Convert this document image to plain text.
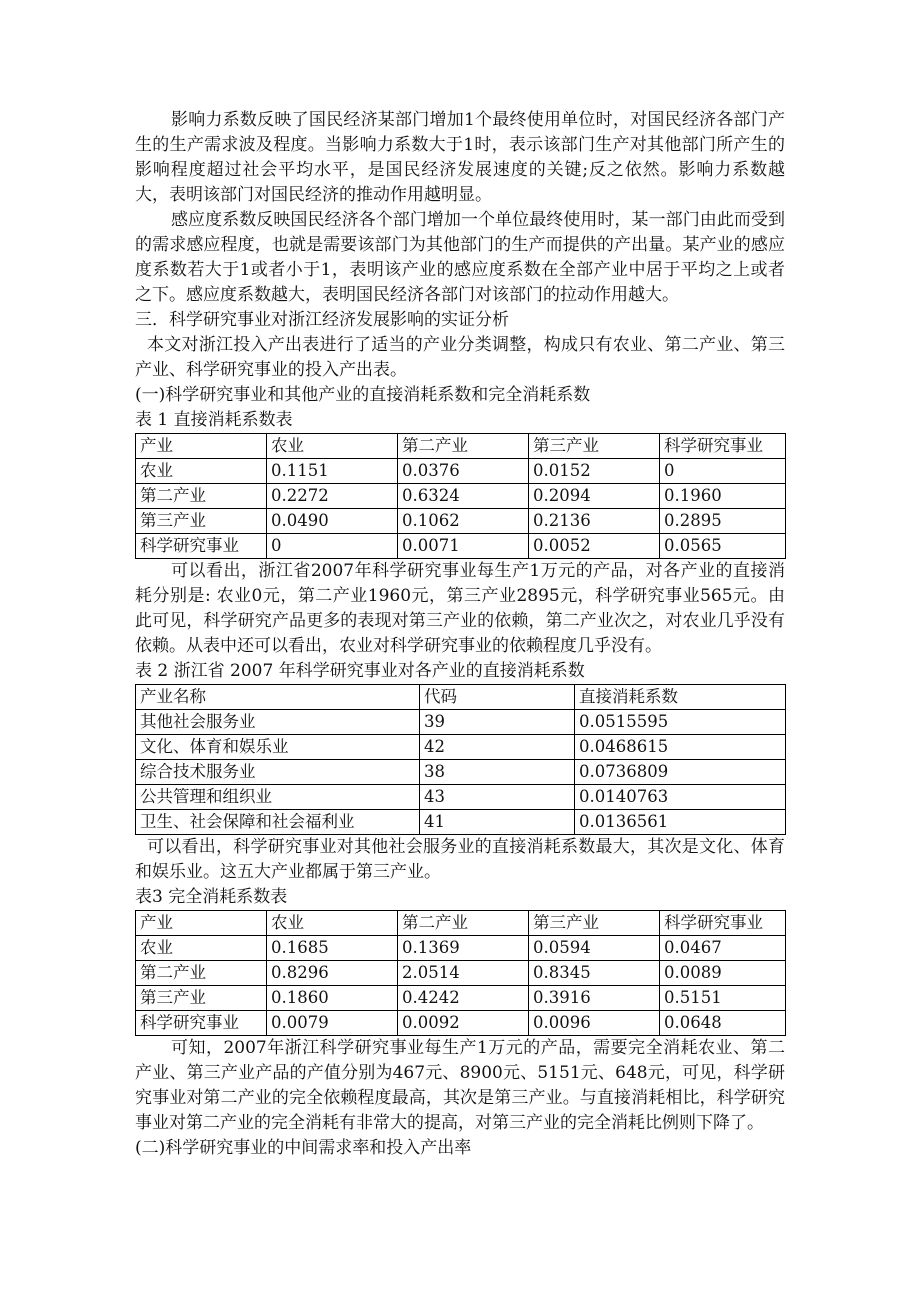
影响力系数反映了国民经济某部门增加1个最终使用单位时，对国民经济各部门产生的生产需求波及程度。当影响力系数大于1时，表示该部门生产对其他部门所产生的影响程度超过社会平均水平，是国民经济发展速度的关键;反之依然。影响力系数越大，表明该部门对国民经济的推动作用越明显。

感应度系数反映国民经济各个部门增加一个单位最终使用时，某一部门由此而受到的需求感应程度，也就是需要该部门为其他部门的生产而提供的产出量。某产业的感应度系数若大于1或者小于1，表明该产业的感应度系数在全部产业中居于平均之上或者之下。感应度系数越大，表明国民经济各部门对该部门的拉动作用越大。

三．科学研究事业对浙江经济发展影响的实证分析

本文对浙江投入产出表进行了适当的产业分类调整，构成只有农业、第二产业、第三产业、科学研究事业的投入产出表。

(一)科学研究事业和其他产业的直接消耗系数和完全消耗系数

表 1 直接消耗系数表

产业	农业	第二产业	第三产业	科学研究事业
农业	0.1151	0.0376	0.0152	0
第二产业	0.2272	0.6324	0.2094	0.1960
第三产业	0.0490	0.1062	0.2136	0.2895
科学研究事业	0	0.0071	0.0052	0.0565

可以看出，浙江省2007年科学研究事业每生产1万元的产品，对各产业的直接消耗分别是: 农业0元，第二产业1960元，第三产业2895元，科学研究事业565元。由此可见，科学研究产品更多的表现对第三产业的依赖，第二产业次之，对农业几乎没有依赖。从表中还可以看出，农业对科学研究事业的依赖程度几乎没有。

表 2 浙江省 2007 年科学研究事业对各产业的直接消耗系数

产业名称	代码	直接消耗系数
其他社会服务业	39	0.0515595
文化、体育和娱乐业	42	0.0468615
综合技术服务业	38	0.0736809
公共管理和组织业	43	0.0140763
卫生、社会保障和社会福利业	41	0.0136561

可以看出，科学研究事业对其他社会服务业的直接消耗系数最大，其次是文化、体育和娱乐业。这五大产业都属于第三产业。

表3 完全消耗系数表

产业	农业	第二产业	第三产业	科学研究事业
农业	0.1685	0.1369	0.0594	0.0467
第二产业	0.8296	2.0514	0.8345	0.0089
第三产业	0.1860	0.4242	0.3916	0.5151
科学研究事业	0.0079	0.0092	0.0096	0.0648

可知，2007年浙江科学研究事业每生产1万元的产品，需要完全消耗农业、第二产业、第三产业产品的产值分别为467元、8900元、5151元、648元，可见，科学研究事业对第二产业的完全依赖程度最高，其次是第三产业。与直接消耗相比，科学研究事业对第二产业的完全消耗有非常大的提高，对第三产业的完全消耗比例则下降了。

(二)科学研究事业的中间需求率和投入产出率
